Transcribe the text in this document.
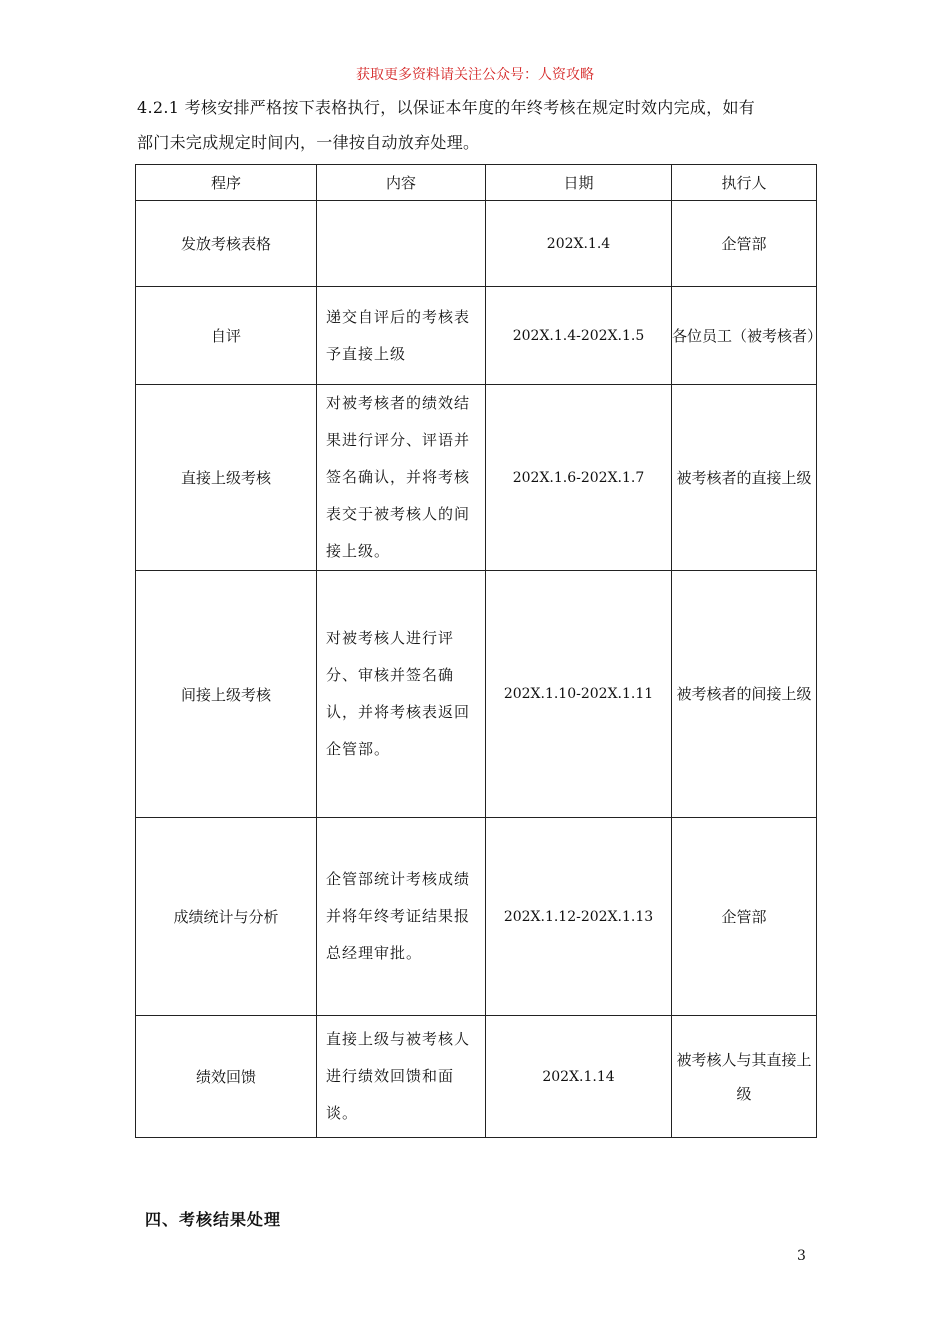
获取更多资料请关注公众号：人资攻略
4.2.1 考核安排严格按下表格执行，以保证本年度的年终考核在规定时效内完成，如有
部门未完成规定时间内，一律按自动放弃处理。
程序	内容	日期	执行人
发放考核表格		202X.1.4	企管部
自评	递交自评后的考核表予直接上级	202X.1.4-202X.1.5	各位员工（被考核者）
直接上级考核	对被考核者的绩效结果进行评分、评语并签名确认，并将考核表交于被考核人的间接上级。	202X.1.6-202X.1.7	被考核者的直接上级
间接上级考核	对被考核人进行评分、审核并签名确认，并将考核表返回企管部。	202X.1.10-202X.1.11	被考核者的间接上级
成绩统计与分析	企管部统计考核成绩并将年终考证结果报总经理审批。	202X.1.12-202X.1.13	企管部
绩效回馈	直接上级与被考核人进行绩效回馈和面谈。	202X.1.14	被考核人与其直接上级
四、考核结果处理
3
